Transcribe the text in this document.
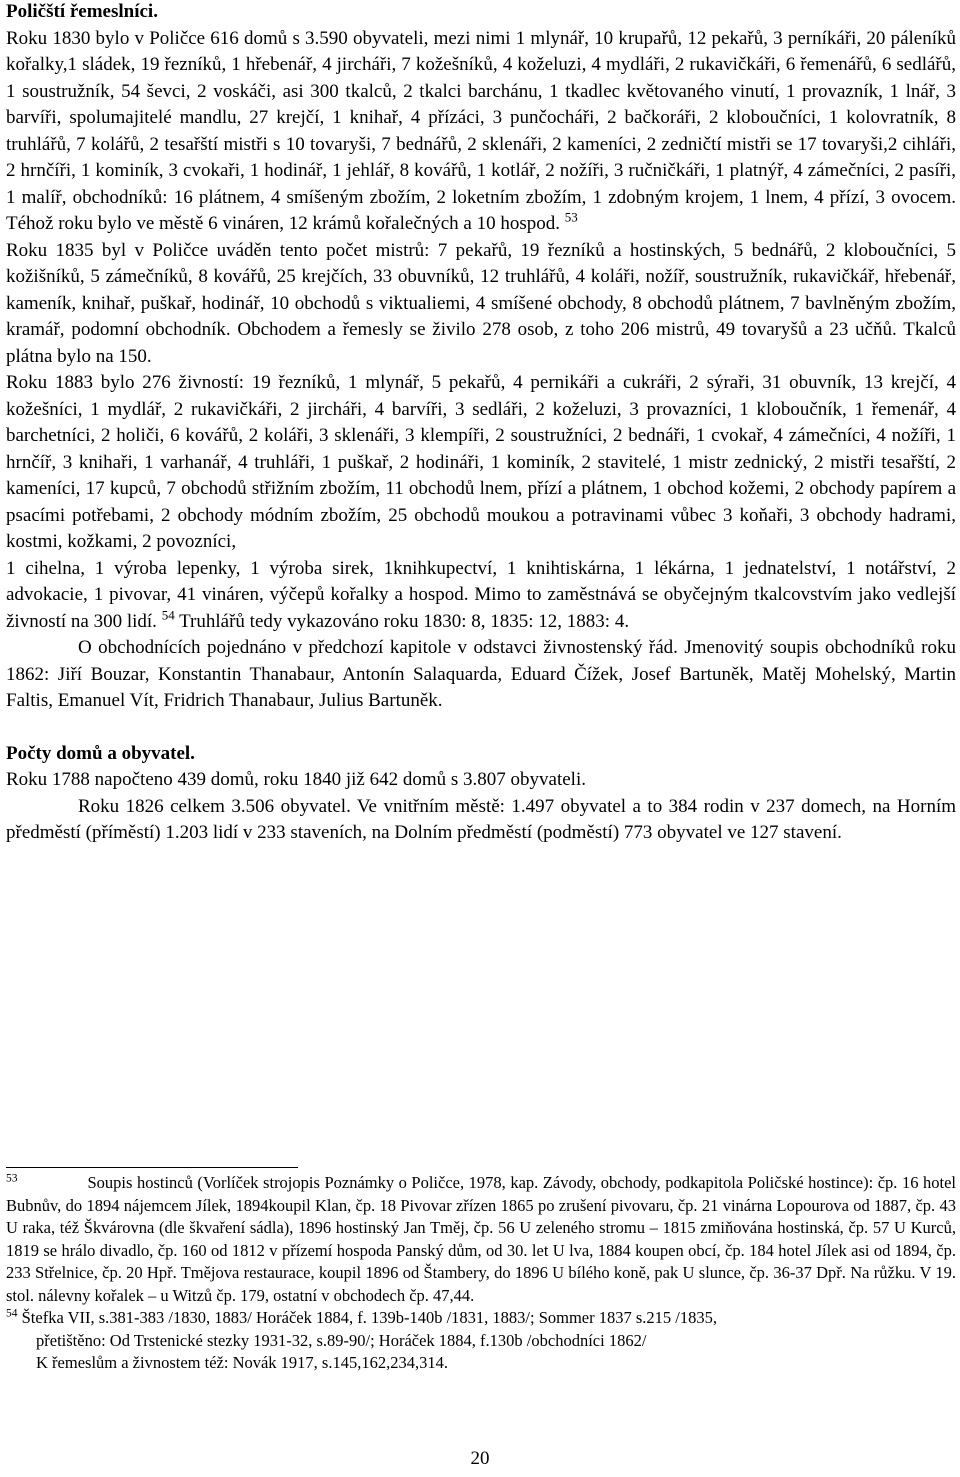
Poličští řemeslníci.

Roku 1830 bylo v Poličce 616 domů s 3.590 obyvateli, mezi nimi 1 mlynář, 10 krupařů, 12 pekařů, 3 perníkáři, 20 páleníků kořalky,1 sládek, 19 řezníků, 1 hřebenář, 4 jircháři, 7 kožešníků, 4 koželuzi, 4 mydláři, 2 rukavičkáři, 6 řemenářů, 6 sedlářů, 1 soustružník, 54 ševci, 2 voskáči, asi 300 tkalců, 2 tkalci barchánu, 1 tkadlec květovaného vinutí, 1 provazník, 1 lnář, 3 barvíři, spolumajitelé mandlu, 27 krejčí, 1 knihař, 4 přízáci, 3 punčocháři, 2 bačkoráři, 2 kloboučníci, 1 kolovratník, 8 truhlářů, 7 kolářů, 2 tesařští mistři s 10 tovaryši, 7 bednářů, 2 sklenáři, 2 kameníci, 2 zedničtí mistři se 17 tovaryši,2 cihláři, 2 hrnčíři, 1 kominík, 3 cvokaři, 1 hodinář, 1 jehlář, 8 kovářů, 1 kotlář, 2 nožíři, 3 ručničkáři, 1 platnýř, 4 zámečníci, 2 pasíři, 1 malíř, obchodníků: 16 plátnem, 4 smíšeným zbožím, 2 loketním zbožím, 1 zdobným krojem, 1 lnem, 4 přízí, 3 ovocem. Téhož roku bylo ve městě 6 vináren, 12 krámů kořalečných a 10 hospod. $^{53}$

Roku 1835 byl v Poličce uváděn tento počet mistrů: 7 pekařů, 19 řezníků a hostinských, 5 bednářů, 2 kloboučníci, 5 kožišníků, 5 zámečníků, 8 kovářů, 25 krejčích, 33 obuvníků, 12 truhlářů, 4 koláři, nožíř, soustružník, rukavičkář, hřebenář, kameník, knihař, puškař, hodinář, 10 obchodů s viktualiemi, 4 smíšené obchody, 8 obchodů plátnem, 7 bavlněným zbožím, kramář, podomní obchodník. Obchodem a řemesly se živilo 278 osob, z toho 206 mistrů, 49 tovaryšů a 23 učňů. Tkalců plátna bylo na 150.

Roku 1883 bylo 276 živností: 19 řezníků, 1 mlynář, 5 pekařů, 4 pernikáři a cukráři, 2 sýraři, 31 obuvník, 13 krejčí, 4 kožešníci, 1 mydlář, 2 rukavičkáři, 2 jircháři, 4 barvíři, 3 sedláři, 2 koželuzi, 3 provazníci, 1 kloboučník, 1 řemenář, 4 barchetníci, 2 holiči, 6 kovářů, 2 koláři, 3 sklenáři, 3 klempíři, 2 soustružníci, 2 bednáři, 1 cvokař, 4 zámečníci, 4 nožíři, 1 hrnčíř, 3 knihaři, 1 varhanář, 4 truhláři, 1 puškař, 2 hodináři, 1 kominík, 2 stavitelé, 1 mistr zednický, 2 mistři tesařští, 2 kameníci, 17 kupců, 7 obchodů střižním zbožím, 11 obchodů lnem, přízí a plátnem, 1 obchod kožemi, 2 obchody papírem a psacími potřebami, 2 obchody módním zbožím, 25 obchodů moukou a potravinami vůbec 3 koňaři, 3 obchody hadrami, kostmi, kožkami, 2 povozníci,

1 cihelna, 1 výroba lepenky, 1 výroba sirek, 1knihkupectví, 1 knihtiskárna, 1 lékárna, 1 jednatelství, 1 notářství, 2 advokacie, 1 pivovar, 41 vináren, výčepů kořalky a hospod. Mimo to zaměstnává se obyčejným tkalcovstvím jako vedlejší živností na 300 lidí. $^{54}$ Truhlářů tedy vykazováno roku 1830: 8, 1835: 12, 1883: 4.

O obchodnících pojednáno v předchozí kapitole v odstavci živnostenský řád. Jmenovitý soupis obchodníků roku 1862: Jiří Bouzar, Konstantin Thanabaur, Antonín Salaquarda, Eduard Čížek, Josef Bartuněk, Matěj Mohelský, Martin Faltis, Emanuel Vít, Fridrich Thanabaur, Julius Bartuněk.

Počty domů a obyvatel.

Roku 1788 napočteno 439 domů, roku 1840 již 642 domů s 3.807 obyvateli.

Roku 1826 celkem 3.506 obyvatel. Ve vnitřním městě: 1.497 obyvatel a to 384 rodin v 237 domech, na Horním předměstí (příměstí) 1.203 lidí v 233 staveních, na Dolním předměstí (podměstí) 773 obyvatel ve 127 stavení.

$^{53}$	Soupis hostinců (Vorlíček strojopis Poznámky o Poličce, 1978, kap. Závody, obchody, podkapitola Poličské hostince): čp. 16 hotel Bubnův, do 1894 nájemcem Jílek, 1894koupil Klan, čp. 18 Pivovar zřízen 1865 po zrušení pivovaru, čp. 21 vinárna Lopourova od 1887, čp. 43 U raka, též Škvárovna (dle škvaření sádla), 1896 hostinský Jan Tměj, čp. 56 U zeleného stromu – 1815 zmiňována hostinská, čp. 57 U Kurců, 1819 se hrálo divadlo, čp. 160 od 1812 v přízemí hospoda Panský dům, od 30. let U lva, 1884 koupen obcí, čp. 184 hotel Jílek asi od 1894, čp. 233 Střelnice, čp. 20 Hpř. Tmějova restaurace, koupil 1896 od Štambery, do 1896 U bílého koně, pak U slunce, čp. 36-37 Dpř. Na růžku. V 19. stol. nálevny kořalek – u Witzů čp. 179, ostatní v obchodech čp. 47,44.

$^{54}$ Štefka VII, s.381-383 /1830, 1883/ Horáček 1884, f. 139b-140b /1831, 1883/; Sommer 1837 s.215 /1835,

přetištěno: Od Trstenické stezky 1931-32, s.89-90/; Horáček 1884, f.130b /obchodníci 1862/

K řemeslům a živnostem též: Novák 1917, s.145,162,234,314.

20
